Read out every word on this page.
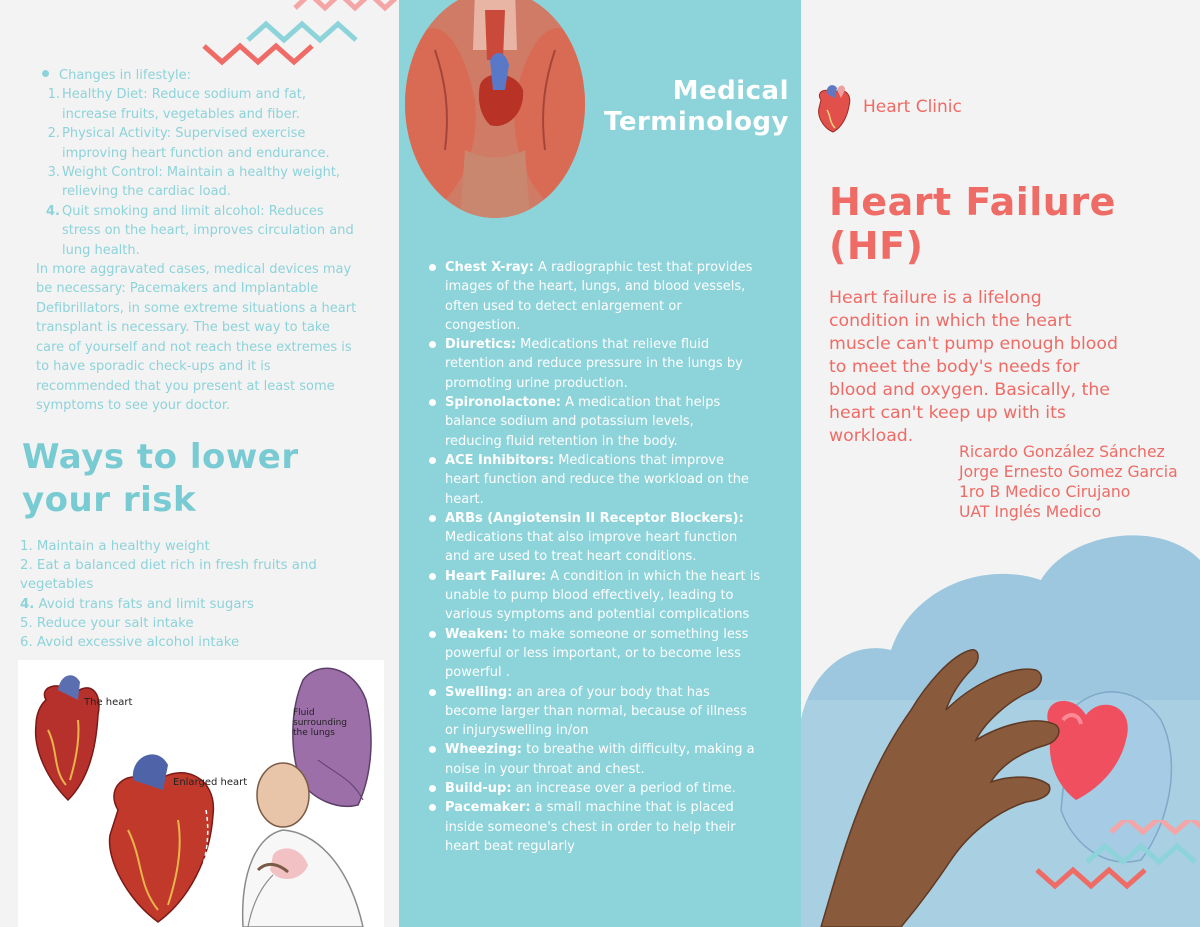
Changes in lifestyle:
1. Healthy Diet: Reduce sodium and fat,
increase fruits, vegetables and fiber.
2. Physical Activity: Supervised exercise
improving heart function and endurance.
3. Weight Control: Maintain a healthy weight,
relieving the cardiac load.
4. Quit smoking and limit alcohol: Reduces
stress on the heart, improves circulation and
lung health.
In more aggravated cases, medical devices may
be necessary: Pacemakers and Implantable
Defibrillators, in some extreme situations a heart
transplant is necessary. The best way to take
care of yourself and not reach these extremes is
to have sporadic check-ups and it is
recommended that you present at least some
symptoms to see your doctor.
Ways to lower
your risk
1. Maintain a healthy weight
2. Eat a balanced diet rich in fresh fruits and
vegetables
4. Avoid trans fats and limit sugars
5. Reduce your salt intake
6. Avoid excessive alcohol intake
The heart
Enlarged heart
Fluid
surrounding
the lungs
Medical
Terminology
Chest X-ray: A radiographic test that provides
images of the heart, lungs, and blood vessels,
often used to detect enlargement or
congestion.
Diuretics: Medications that relieve fluid
retention and reduce pressure in the lungs by
promoting urine production.
Spironolactone: A medication that helps
balance sodium and potassium levels,
reducing fluid retention in the body.
ACE Inhibitors: Medications that improve
heart function and reduce the workload on the
heart.
ARBs (Angiotensin II Receptor Blockers):
Medications that also improve heart function
and are used to treat heart conditions.
Heart Failure: A condition in which the heart is
unable to pump blood effectively, leading to
various symptoms and potential complications
Weaken: to make someone or something less
powerful or less important, or to become less
powerful .
Swelling: an area of your body that has
become larger than normal, because of illness
or injuryswelling in/on
Wheezing: to breathe with difficulty, making a
noise in your throat and chest.
Build-up: an increase over a period of time.
Pacemaker: a small machine that is placed
inside someone's chest in order to help their
heart beat regularly
Heart Clinic
Heart Failure
(HF)
Heart failure is a lifelong
condition in which the heart
muscle can't pump enough blood
to meet the body's needs for
blood and oxygen. Basically, the
heart can't keep up with its
workload.
Ricardo González Sánchez
Jorge Ernesto Gomez Garcia
1ro B Medico Cirujano
UAT Inglés Medico
